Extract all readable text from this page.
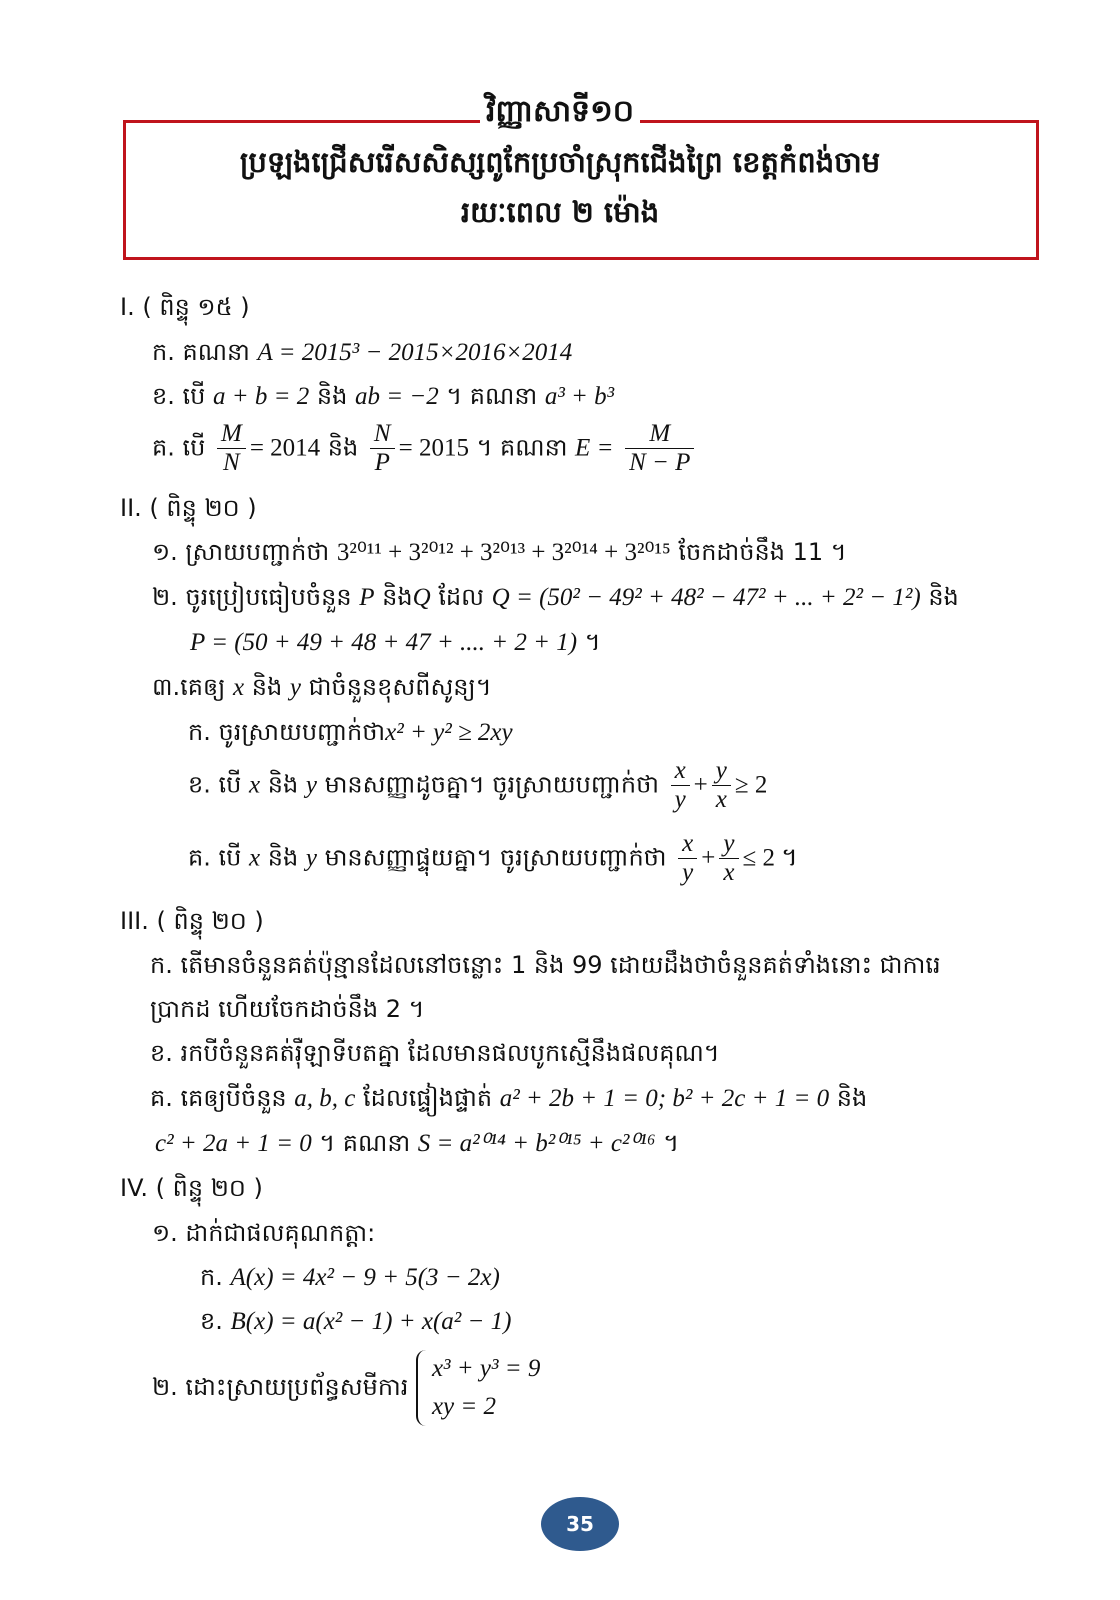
វិញ្ញាសាទី១០
ប្រឡងជ្រើសរើសសិស្សពូកែប្រចាំស្រុកជើងព្រៃ ខេត្តកំពង់ចាម
រយៈពេល ២ ម៉ោង
I. ( ពិន្ទុ ១៥ )
ក. គណនា A = 2015³ − 2015×2016×2014
ខ. បើ a + b = 2 និង ab = −2 ។ គណនា a³ + b³
គ. បើ $\frac{M}{N} = 2014$ និង $\frac{N}{P} = 2015$ ។ គណនា $E = \frac{M}{N - P}$
II. ( ពិន្ទុ ២០ )
១. ស្រាយបញ្ជាក់ថា 3²⁰¹¹ + 3²⁰¹² + 3²⁰¹³ + 3²⁰¹⁴ + 3²⁰¹⁵ ចែកដាច់នឹង 11 ។
២. ចូរប្រៀបធៀបចំនួន P និងQ ដែល Q = (50² − 49² + 48² − 47² + ... + 2² − 1²) និង
P = (50 + 49 + 48 + 47 + .... + 2 + 1) ។
៣.គេឲ្យ x និង y ជាចំនួនខុសពីសូន្យ។
ក. ចូរស្រាយបញ្ជាក់ថាx² + y² ≥ 2xy
ខ. បើ x និង y មានសញ្ញាដូចគ្នា។ ចូរស្រាយបញ្ជាក់ថា $\frac{x}{y} + \frac{y}{x} \ge 2$
គ. បើ x និង y មានសញ្ញាផ្ទុយគ្នា។ ចូរស្រាយបញ្ជាក់ថា $\frac{x}{y} + \frac{y}{x} \le 2$ ។
III. ( ពិន្ទុ ២០ )
ក. តើមានចំនួនគត់ប៉ុន្មានដែលនៅចន្លោះ 1 និង 99 ដោយដឹងថាចំនួនគត់ទាំងនោះ ជាការេ
ប្រាកដ ហើយចែកដាច់នឹង 2 ។
ខ. រកបីចំនួនគត់រ៉ឺឡាទីបតគ្នា ដែលមានផលបូកស្មើនឹងផលគុណ។
គ. គេឲ្យបីចំនួន a, b, c ដែលផ្ទៀងផ្ទាត់ a² + 2b + 1 = 0; b² + 2c + 1 = 0 និង
c² + 2a + 1 = 0 ។ គណនា S = a²⁰¹⁴ + b²⁰¹⁵ + c²⁰¹⁶ ។
IV. ( ពិន្ទុ ២០ )
១. ដាក់ជាផលគុណកត្តា:
ក. A(x) = 4x² − 9 + 5(3 − 2x)
ខ. B(x) = a(x² − 1) + x(a² − 1)
២. ដោះស្រាយប្រព័ន្ធសមីការ
x³ + y³ = 9
xy = 2
35
